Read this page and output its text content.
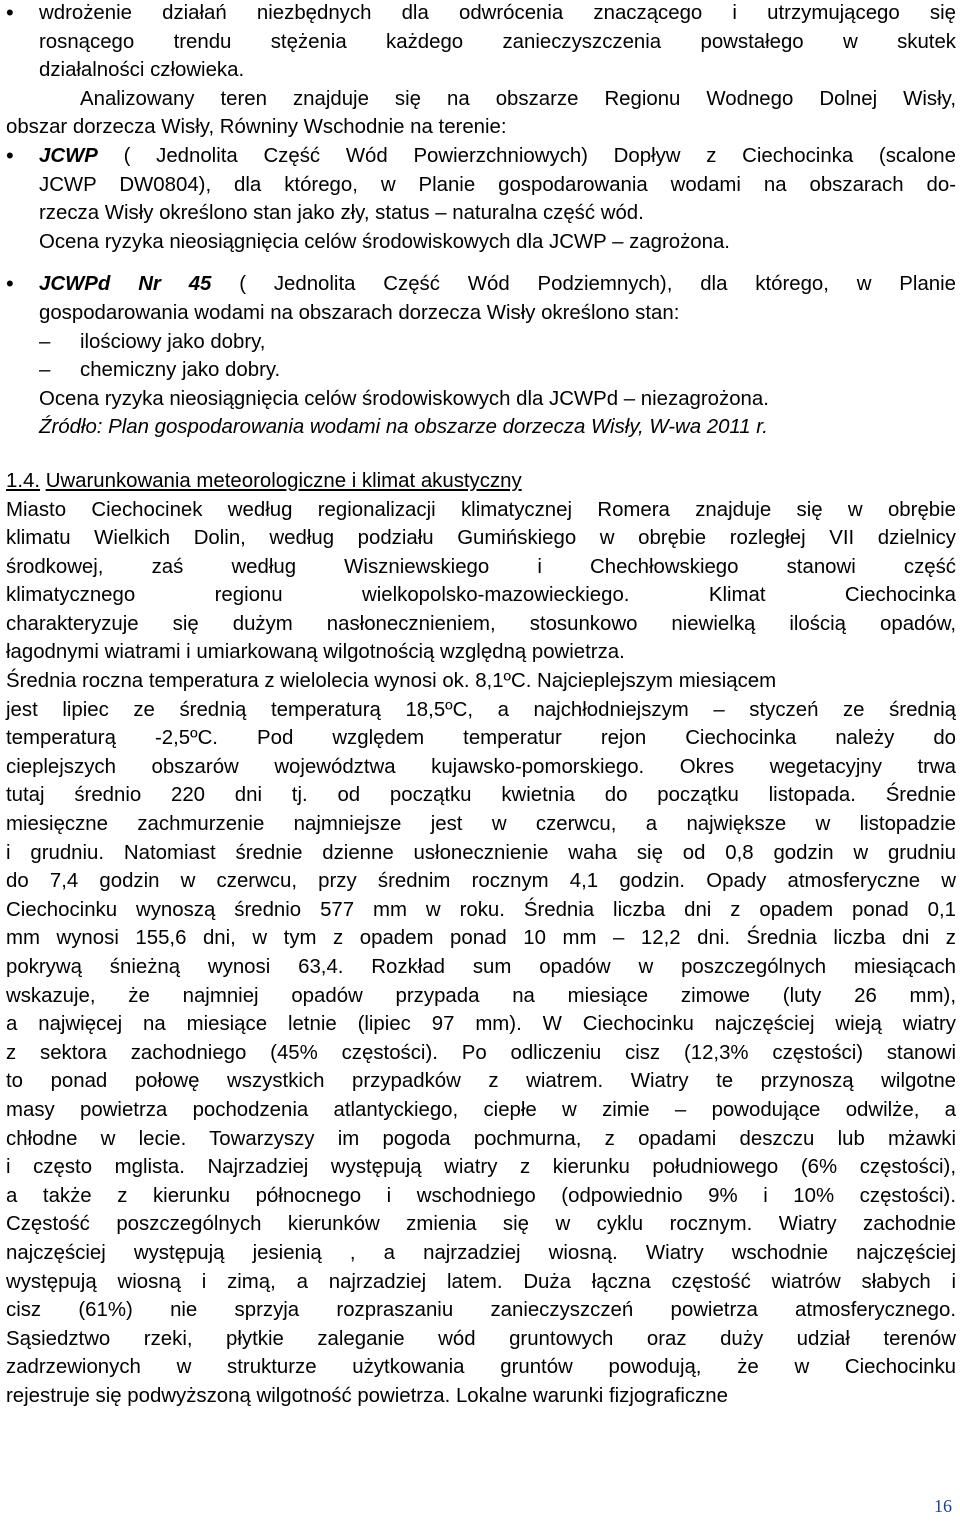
•	wdrożenie działań niezbędnych dla odwrócenia znaczącego i utrzymującego się
rosnącego trendu stężenia każdego zanieczyszczenia powstałego w skutek
działalności człowieka.
Analizowany teren znajduje się na obszarze Regionu Wodnego Dolnej Wisły,
obszar dorzecza Wisły, Równiny Wschodnie na terenie:
•	JCWP ( Jednolita Część Wód Powierzchniowych) Dopływ z Ciechocinka (scalone
JCWP DW0804), dla którego, w Planie gospodarowania wodami na obszarach do-
rzecza Wisły określono stan jako zły, status – naturalna część wód.
Ocena ryzyka nieosiągnięcia celów środowiskowych dla JCWP – zagrożona.
•	JCWPd Nr 45 ( Jednolita Część Wód Podziemnych), dla którego, w Planie
gospodarowania wodami na obszarach dorzecza Wisły określono stan:
–	ilościowy jako dobry,
–	chemiczny jako dobry.
Ocena ryzyka nieosiągnięcia celów środowiskowych dla JCWPd – niezagrożona.
Źródło: Plan gospodarowania wodami na obszarze dorzecza Wisły, W-wa 2011 r.
1.4. Uwarunkowania meteorologiczne i klimat akustyczny
Miasto Ciechocinek według regionalizacji klimatycznej Romera znajduje się w obrębie
klimatu Wielkich Dolin, według podziału Gumińskiego w obrębie rozległej VII dzielnicy
środkowej, zaś według Wiszniewskiego i Chechłowskiego stanowi część
klimatycznego regionu wielkopolsko-mazowieckiego. Klimat Ciechocinka
charakteryzuje się dużym nasłonecznieniem, stosunkowo niewielką ilością opadów,
łagodnymi wiatrami i umiarkowaną wilgotnością względną powietrza.
Średnia roczna temperatura z wielolecia wynosi ok. 8,1ºC. Najcieplejszym miesiącem
jest lipiec ze średnią temperaturą 18,5ºC, a najchłodniejszym – styczeń ze średnią
temperaturą -2,5ºC. Pod względem temperatur rejon Ciechocinka należy do
cieplejszych obszarów województwa kujawsko-pomorskiego. Okres wegetacyjny trwa
tutaj średnio 220 dni tj. od początku kwietnia do początku listopada. Średnie
miesięczne zachmurzenie najmniejsze jest w czerwcu, a największe w listopadzie
i grudniu. Natomiast średnie dzienne usłonecznienie waha się od 0,8 godzin w grudniu
do 7,4 godzin w czerwcu, przy średnim rocznym 4,1 godzin. Opady atmosferyczne w
Ciechocinku wynoszą średnio 577 mm w roku. Średnia liczba dni z opadem ponad 0,1
mm wynosi 155,6 dni, w tym z opadem ponad 10 mm – 12,2 dni. Średnia liczba dni z
pokrywą śnieżną wynosi 63,4. Rozkład sum opadów w poszczególnych miesiącach
wskazuje, że najmniej opadów przypada na miesiące zimowe (luty 26 mm),
a najwięcej na miesiące letnie (lipiec 97 mm). W Ciechocinku najczęściej wieją wiatry
z sektora zachodniego (45% częstości). Po odliczeniu cisz (12,3% częstości) stanowi
to ponad połowę wszystkich przypadków z wiatrem. Wiatry te przynoszą wilgotne
masy powietrza pochodzenia atlantyckiego, ciepłe w zimie – powodujące odwilże, a
chłodne w lecie. Towarzyszy im pogoda pochmurna, z opadami deszczu lub mżawki
i często mglista. Najrzadziej występują wiatry z kierunku południowego (6% częstości),
a także z kierunku północnego i wschodniego (odpowiednio 9% i 10% częstości).
Częstość poszczególnych kierunków zmienia się w cyklu rocznym. Wiatry zachodnie
najczęściej występują jesienią , a najrzadziej wiosną. Wiatry wschodnie najczęściej
występują wiosną i zimą, a najrzadziej latem. Duża łączna częstość wiatrów słabych i
cisz (61%) nie sprzyja rozpraszaniu zanieczyszczeń powietrza atmosferycznego.
Sąsiedztwo rzeki, płytkie zaleganie wód gruntowych oraz duży udział terenów
zadrzewionych w strukturze użytkowania gruntów powodują, że w Ciechocinku
rejestruje się podwyższoną wilgotność powietrza. Lokalne warunki fizjograficzne
16
